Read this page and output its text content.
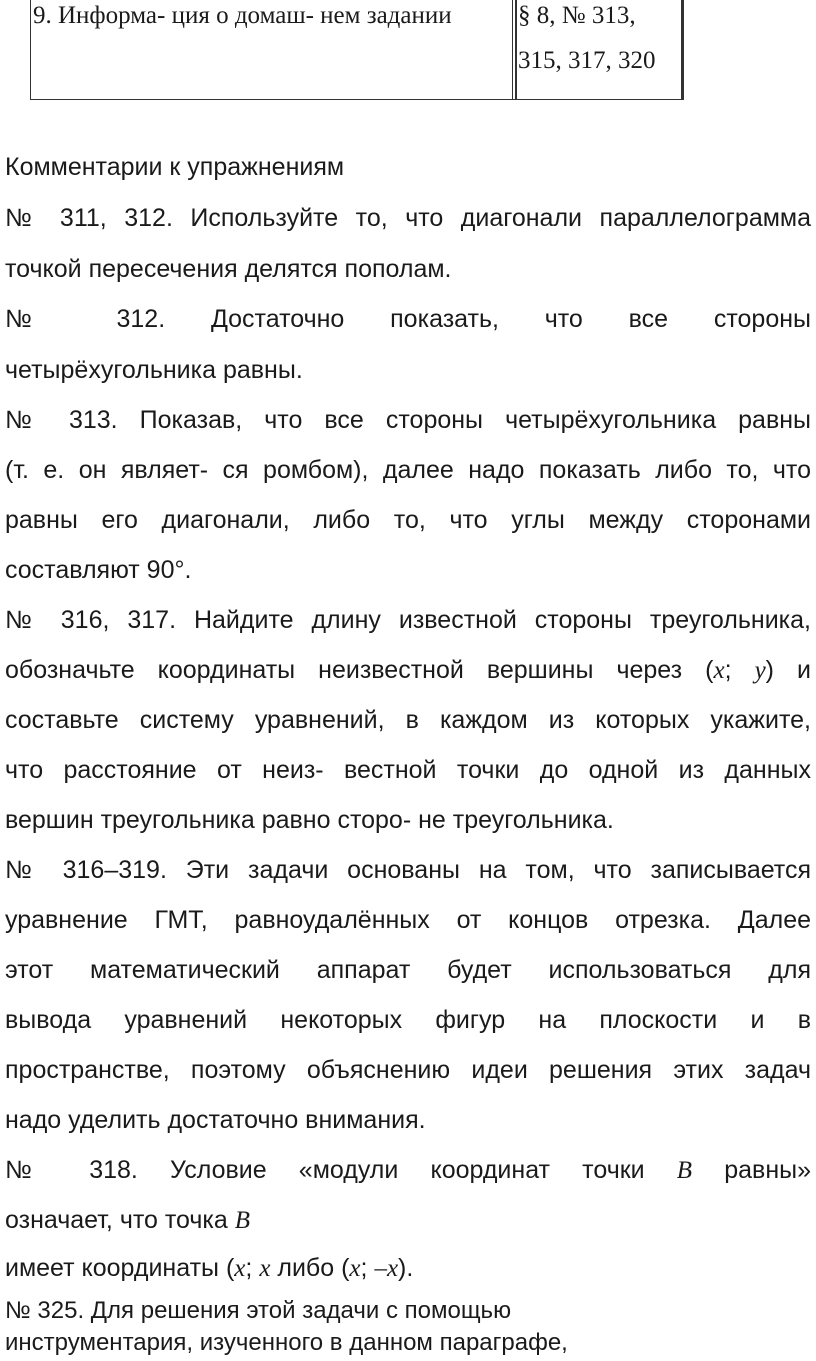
9. Информа- ция о домаш- нем задании	§ 8, № 313,
315, 317, 320
Комментарии к упражнениям
№ 311, 312. Используйте то, что диагонали параллелограмма
точкой пересечения делятся пополам.
№ 312. Достаточно показать, что все стороны
четырёхугольника равны.
№ 313. Показав, что все стороны четырёхугольника равны
(т. е. он являет- ся ромбом), далее надо показать либо то, что
равны его диагонали, либо то, что углы между сторонами
составляют 90°.
№ 316, 317. Найдите длину известной стороны треугольника,
обозначьте координаты неизвестной вершины через (x; y) и
составьте систему уравнений, в каждом из которых укажите,
что расстояние от неиз- вестной точки до одной из данных
вершин треугольника равно сторо- не треугольника.
№ 316–319. Эти задачи основаны на том, что записывается
уравнение ГМТ, равноудалённых от концов отрезка. Далее
этот математический аппарат будет использоваться для
вывода уравнений некоторых фигур на плоскости и в
пространстве, поэтому объяснению идеи решения этих задач
надо уделить достаточно внимания.
№ 318. Условие «модули координат точки B равны»
означает, что точка B
имеет координаты (x; x либо (x; –x).
№ 325. Для решения этой задачи с помощью
инструментария, изученного в данном параграфе,
